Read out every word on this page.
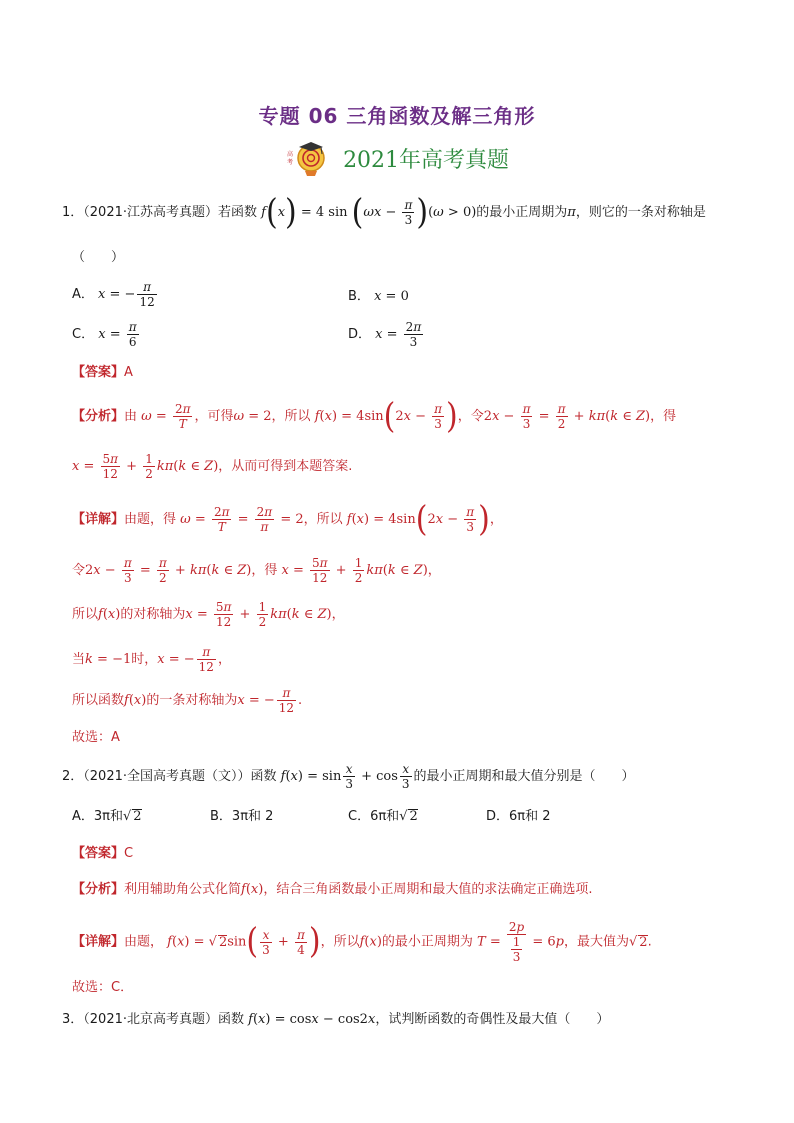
专题 06 三角函数及解三角形
高
考 2021年高考真题
1．（2021·江苏高考真题）若函数 f(x) = 4 $\sin (\omega x - \frac{\pi}{3} )(\omega > 0)$的最小正周期为π，则它的一条对称轴是
（　　）
A． x = − $\frac{\pi}{12}$	B． x = 0
C． $x = \frac{\pi}{6}$	D． $x = \frac{2\pi}{3}$
【答案】A
【分析】由 $\omega = \frac{2\pi}{T}$ ，可得ω = 2，所以 $f(x) = 4\sin(2x - \frac{\pi}{3}$ )，令$2x - \frac{\pi}{3} = \frac{\pi}{2} + k\pi(k$ ∈ Z)，得
$x = \frac{5\pi}{12} + \frac{1}{2} k\pi(k$ ∈ Z)，从而可得到本题答案.
【详解】由题，得 $\omega = \frac{2\pi}{T} = \frac{2\pi}{\pi} = 2$，所以 $f(x) = 4\sin(2x - \frac{\pi}{3}$ )，
令$2x - \frac{\pi}{3} = \frac{\pi}{2} + k\pi(k$ ∈ Z)，得 $x = \frac{5\pi}{12} + \frac{1}{2} k\pi(k$ ∈ Z)，
所以f(x)的对称轴为$x = \frac{5\pi}{12} + \frac{1}{2} k\pi(k$ ∈ Z)，
当k = −1时，x = − $\frac{\pi}{12}$ ，
所以函数f(x)的一条对称轴为x = − $\frac{\pi}{12}$ .
故选：A
2．（2021·全国高考真题（文））函数 $f(x) = \sin \frac{x}{3} + \cos \frac{x}{3}$ 的最小正周期和最大值分别是（　　）
A．3π和√ 2	B．3π和 2	C．6π和√ 2	D．6π和 2
【答案】C
【分析】利用辅助角公式化简f(x)，结合三角函数最小正周期和最大值的求法确定正确选项.
【详解】由题， f(x) = √ $2\sin( \frac{x}{3} + \frac{\pi}{4}$ )，所以f(x)的最小正周期为 $T = \frac{2p}{\frac{1}{3}} = 6p$，最大值为√ 2.
故选：C．
3．（2021·北京高考真题）函数 f(x) = cosx − cos2x，试判断函数的奇偶性及最大值（　　）
